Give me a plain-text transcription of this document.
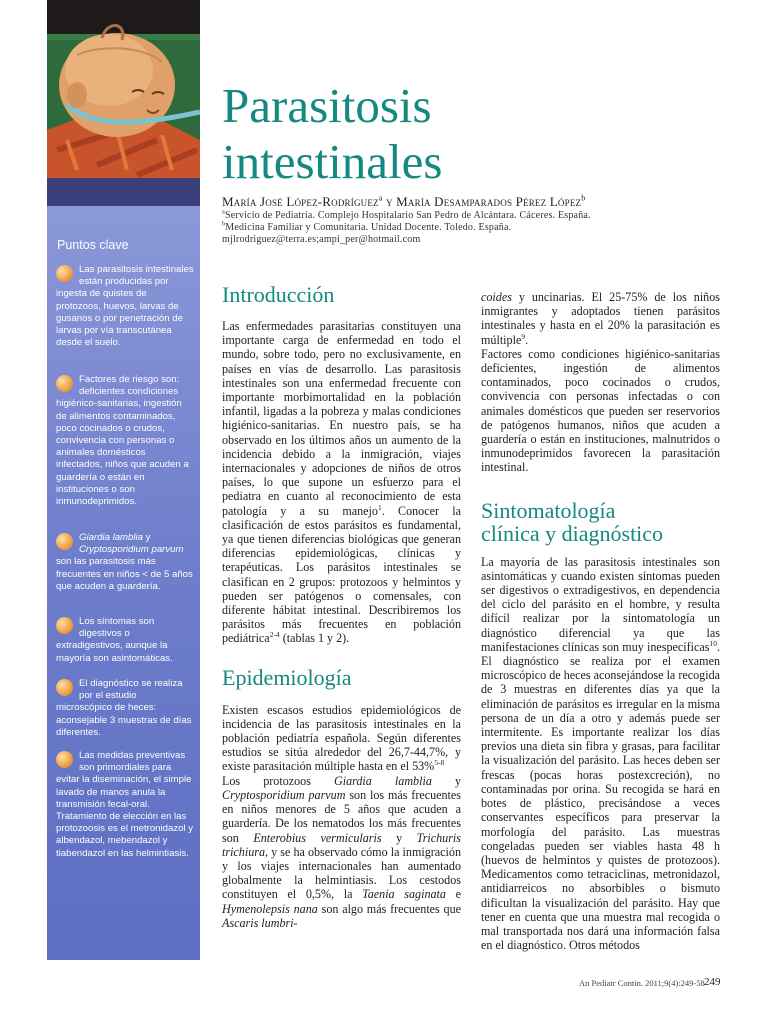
Puntos clave
Las parasitosis intestinales están producidas por ingesta de quistes de protozoos, huevos, larvas de gusanos o por penetración de larvas por vía transcutánea desde el suelo.
Factores de riesgo son: deficientes condiciones higiénico-sanitarias, ingestión de alimentos contaminados, poco cocinados o crudos, convivencia con personas o animales domésticos infectados, niños que acuden a guardería o están en instituciones o son inmunodeprimidos.
Giardia lamblia y Cryptosporidium parvum son las parasitosis más frecuentes en niños < de 5 años que acuden a guardería.
Los síntomas son digestivos o extradigestivos, aunque la mayoría son asintomáticas.
El diagnóstico se realiza por el estudio microscópico de heces: aconsejable 3 muestras de días diferentes.
Las medidas preventivas son primordiales para evitar la diseminación, el simple lavado de manos anula la transmisión fecal-oral. Tratamiento de elección en las protozoosis es el metronidazol y albendazol, mebendazol y tiabendazol en las helmintiasis.
Parasitosis
intestinales
María José López-Rodríguez$^a$ y María Desamparados Pérez López$^b$
$^a$Servicio de Pediatría. Complejo Hospitalario San Pedro de Alcántara. Cáceres. España.
$^b$Medicina Familiar y Comunitaria. Unidad Docente. Toledo. España.
mjlrodriguez@terra.es;ampi_per@hotmail.com
Introducción

Las enfermedades parasitarias constituyen una importante carga de enfermedad en todo el mundo, sobre todo, pero no exclusivamente, en países en vías de desarrollo. Las parasitosis intestinales son una enfermedad frecuente con importante morbimortalidad en la población infantil, ligadas a la pobreza y malas condiciones higiénico-sanitarias. En nuestro país, se ha observado en los últimos años un aumento de la incidencia debido a la inmigración, viajes internacionales y adopciones de niños de otros países, lo que supone un esfuerzo para el pediatra en cuanto al reconocimiento de esta patología y a su manejo$^1$. Conocer la clasificación de estos parásitos es fundamental, ya que tienen diferencias biológicas que generan diferencias epidemiológicas, clínicas y terapéuticas. Los parásitos intestinales se clasifican en 2 grupos: protozoos y helmintos y pueden ser patógenos o comensales, con diferente hábitat intestinal. Describiremos los parásitos más frecuentes en población pediátrica$^{2-4}$ (tablas 1 y 2).

Epidemiología

Existen escasos estudios epidemiológicos de incidencia de las parasitosis intestinales en la población pediatría española. Según diferentes estudios se sitúa alrededor del 26,7-44,7%, y existe parasitación múltiple hasta en el 53%$^{5-8}$

Los protozoos Giardia lamblia y Cryptosporidium parvum son los más frecuentes en niños menores de 5 años que acuden a guardería. De los nematodos los más frecuentes son Enterobius vermicularis y Trichuris trichiura, y se ha observado cómo la inmigración y los viajes internacionales han aumentado globalmente la helmintiasis. Los cestodos constituyen el 0,5%, la Taenia saginata e Hymenolepsis nana son algo más frecuentes que Ascaris lumbri-

coides y uncinarias. El 25-75% de los niños inmigrantes y adoptados tienen parásitos intestinales y hasta en el 20% la parasitación es múltiple$^9$.

Factores como condiciones higiénico-sanitarias deficientes, ingestión de alimentos contaminados, poco cocinados o crudos, convivencia con personas infectadas o con animales domésticos que pueden ser reservorios de patógenos humanos, niños que acuden a guardería o están en instituciones, malnutridos o inmunodeprimidos favorecen la parasitación intestinal.

Sintomatología
clínica y diagnóstico

La mayoría de las parasitosis intestinales son asintomáticas y cuando existen síntomas pueden ser digestivos o extradigestivos, en dependencia del ciclo del parásito en el hombre, y resulta difícil realizar por la sintomatología un diagnóstico diferencial ya que las manifestaciones clínicas son muy inespecíficas$^{10}$. El diagnóstico se realiza por el examen microscópico de heces aconsejándose la recogida de 3 muestras en diferentes días ya que la eliminación de parásitos es irregular en la misma persona de un día a otro y además puede ser intermitente. Es importante realizar los días previos una dieta sin fibra y grasas, para facilitar la visualización del parásito. Las heces deben ser frescas (pocas horas postexcreción), no contaminadas por orina. Su recogida se hará en botes de plástico, precisándose a veces conservantes específicos para preservar la morfología del parásito. Las muestras congeladas pueden ser viables hasta 48 h (huevos de helmintos y quistes de protozoos). Medicamentos como tetraciclinas, metronidazol, antidiarreicos no absorbibles o bismuto dificultan la visualización del parásito. Hay que tener en cuenta que una muestra mal recogida o mal transportada nos dará una información falsa en el diagnóstico. Otros métodos

An Pediatr Contin. 2011;9(4):249-58 249
